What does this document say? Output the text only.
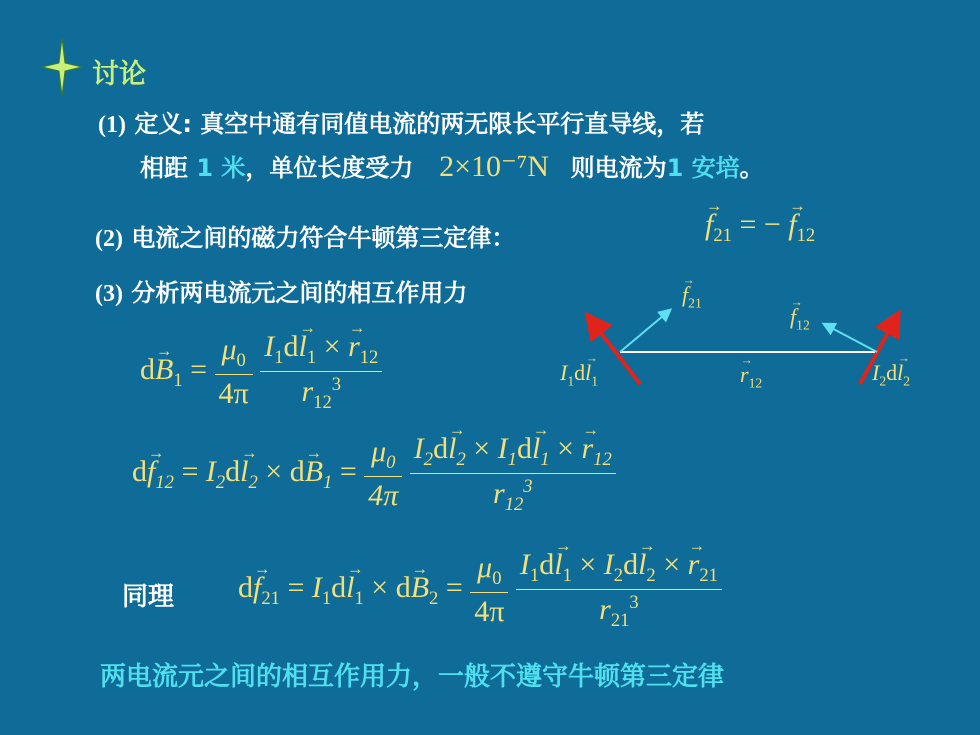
讨论
(1) 定义: 真空中通有同值电流的两无限长平行直导线，若
相距 1 米，单位长度受力 2×10⁻⁷N 则电流为1 安培。
(2) 电流之间的磁力符合牛顿第三定律：	→ $f_{21}$ = − → $f_{12}$
(3) 分析两电流元之间的相互作用力	→ $f_{21}$
→ $f_{12}$
$I_1d\to l_1$	→ $r_{12}$	$I_2d\to l_2$
$d\to B_1 = \frac{\mu_0}{4\pi}$
$\frac{I_1d\to l_1 \times \to r_{12}}{r_{12}^3}$
$d\to f_{12} = I_2d\to l_2 \times d\to B_1 = \frac{\mu_0}{4\pi}$
$\frac{I_2d\to l_2 \times I_1d\to l_1 \times \to r_{12}}{r_{12}^3}$
同理 $d\to f_{21} = I_1d\to l_1 \times d\to B_2 = \frac{\mu_0}{4\pi}$
$\frac{I_1d\to l_1 \times I_2d\to l_2 \times \to r_{21}}{r_{21}^3}$
两电流元之间的相互作用力，一般不遵守牛顿第三定律
